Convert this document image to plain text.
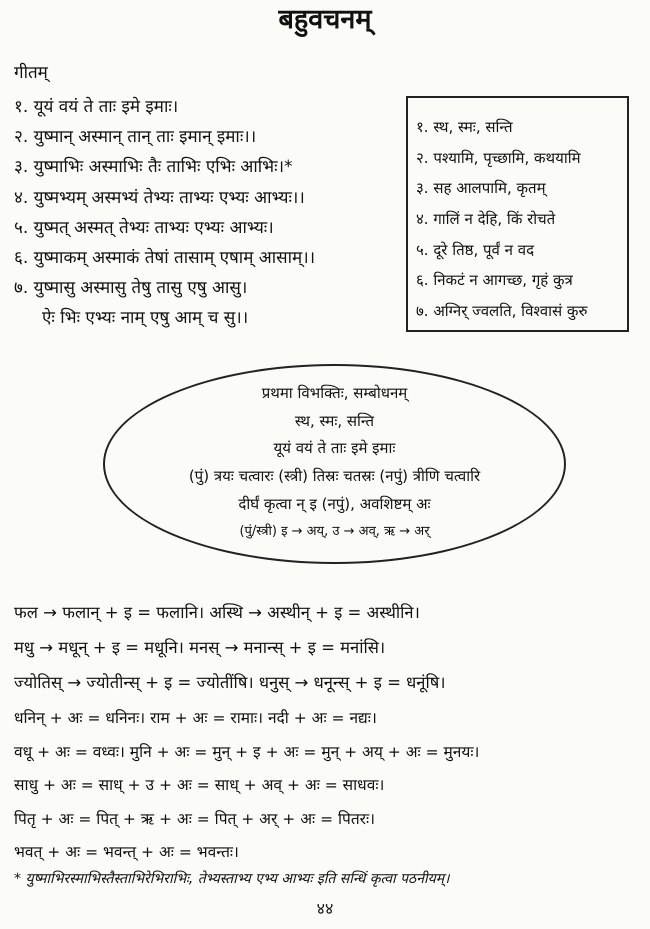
बहुवचनम्
गीतम्
१. यूयं वयं ते ताः इमे इमाः।
२. युष्मान् अस्मान् तान् ताः इमान् इमाः।।
३. युष्माभिः अस्माभिः तैः ताभिः एभिः आभिः।*
४. युष्मभ्यम् अस्मभ्यं तेभ्यः ताभ्यः एभ्यः आभ्यः।।
५. युष्मत् अस्मत् तेभ्यः ताभ्यः एभ्यः आभ्यः।
६. युष्माकम् अस्माकं तेषां तासाम् एषाम् आसाम्।।
७. युष्मासु अस्मासु तेषु तासु एषु आसु।
ऐः भिः एभ्यः नाम् एषु आम् च सु।।
१. स्थ, स्मः, सन्ति
२. पश्यामि, पृच्छामि, कथयामि
३. सह आलपामि, कृतम्
४. गालिं न देहि, किं रोचते
५. दूरे तिष्ठ, पूर्वं न वद
६. निकटं न आगच्छ, गृहं कुत्र
७. अग्निर् ज्वलति, विश्वासं कुरु
प्रथमा विभक्तिः, सम्बोधनम्
स्थ, स्मः, सन्ति
यूयं वयं ते ताः इमे इमाः
(पुं) त्रयः चत्वारः (स्त्री) तिस्रः चतस्रः (नपुं) त्रीणि चत्वारि
दीर्घं कृत्वा न् इ (नपुं), अवशिष्टम् अः
(पुं/स्त्री) इ → अय्, उ → अव्, ऋ → अर्
फल → फलान् + इ = फलानि। अस्थि → अस्थीन् + इ = अस्थीनि।
मधु → मधून् + इ = मधूनि। मनस् → मनान्स् + इ = मनांसि।
ज्योतिस् → ज्योतीन्स् + इ = ज्योतींषि। धनुस् → धनून्स् + इ = धनूंषि।
धनिन् + अः = धनिनः। राम + अः = रामाः। नदी + अः = नद्यः।
वधू + अः = वध्वः। मुनि + अः = मुन् + इ + अः = मुन् + अय् + अः = मुनयः।
साधु + अः = साध् + उ + अः = साध् + अव् + अः = साधवः।
पितृ + अः = पित् + ऋ + अः = पित् + अर् + अः = पितरः।
भवत् + अः = भवन्त् + अः = भवन्तः।
* युष्माभिरस्माभिस्तैस्ताभिरेभिराभिः, तेभ्यस्ताभ्य एभ्य आभ्यः इति सन्धिं कृत्वा पठनीयम्।
४४
